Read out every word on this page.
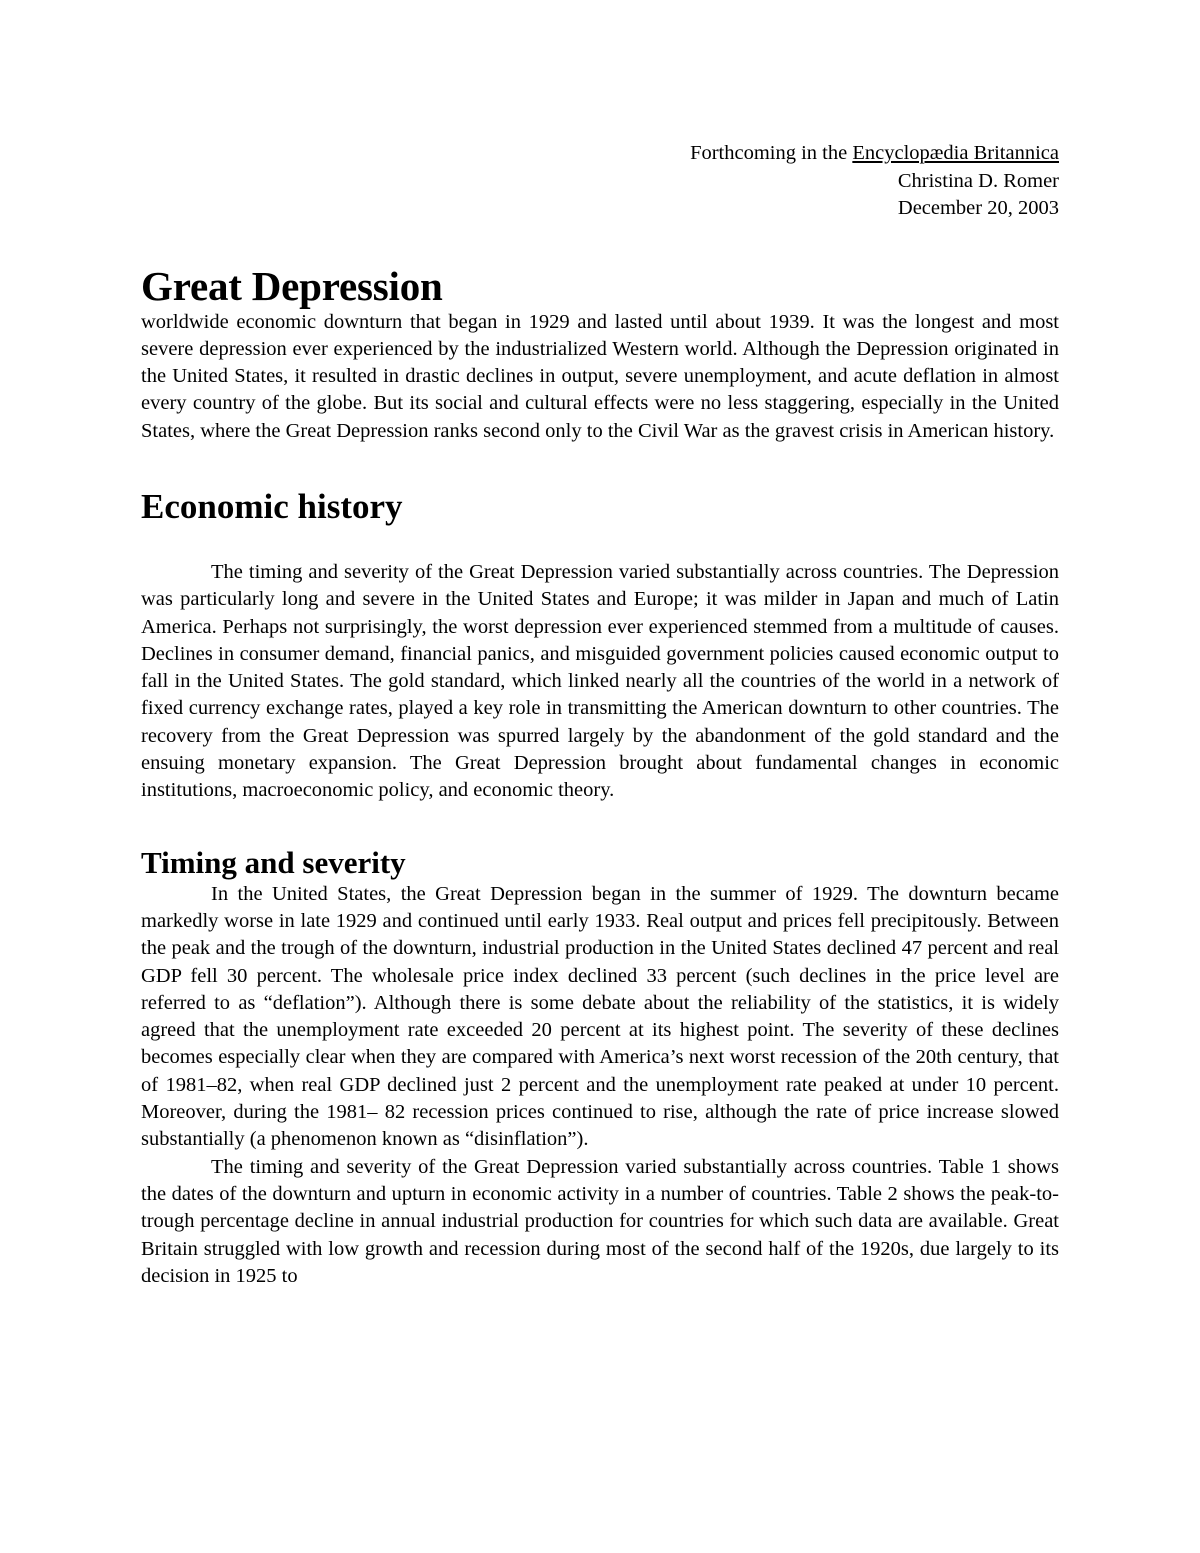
Forthcoming in the Encyclopædia Britannica
Christina D. Romer
December 20, 2003
Great Depression

worldwide economic downturn that began in 1929 and lasted until about 1939. It was the longest and most severe depression ever experienced by the industrialized Western world. Although the Depression originated in the United States, it resulted in drastic declines in output, severe unemployment, and acute deflation in almost every country of the globe. But its social and cultural effects were no less staggering, especially in the United States, where the Great Depression ranks second only to the Civil War as the gravest crisis in American history.

Economic history

The timing and severity of the Great Depression varied substantially across countries. The Depression was particularly long and severe in the United States and Europe; it was milder in Japan and much of Latin America. Perhaps not surprisingly, the worst depression ever experienced stemmed from a multitude of causes. Declines in consumer demand, financial panics, and misguided government policies caused economic output to fall in the United States. The gold standard, which linked nearly all the countries of the world in a network of fixed currency exchange rates, played a key role in transmitting the American downturn to other countries. The recovery from the Great Depression was spurred largely by the abandonment of the gold standard and the ensuing monetary expansion. The Great Depression brought about fundamental changes in economic institutions, macroeconomic policy, and economic theory.

Timing and severity

In the United States, the Great Depression began in the summer of 1929. The downturn became markedly worse in late 1929 and continued until early 1933. Real output and prices fell precipitously. Between the peak and the trough of the downturn, industrial production in the United States declined 47 percent and real GDP fell 30 percent. The wholesale price index declined 33 percent (such declines in the price level are referred to as “deflation”). Although there is some debate about the reliability of the statistics, it is widely agreed that the unemployment rate exceeded 20 percent at its highest point. The severity of these declines becomes especially clear when they are compared with America’s next worst recession of the 20th century, that of 1981–82, when real GDP declined just 2 percent and the unemployment rate peaked at under 10 percent. Moreover, during the 1981– 82 recession prices continued to rise, although the rate of price increase slowed substantially (a phenomenon known as “disinflation”).

The timing and severity of the Great Depression varied substantially across countries. Table 1 shows the dates of the downturn and upturn in economic activity in a number of countries. Table 2 shows the peak-to-trough percentage decline in annual industrial production for countries for which such data are available. Great Britain struggled with low growth and recession during most of the second half of the 1920s, due largely to its decision in 1925 to
